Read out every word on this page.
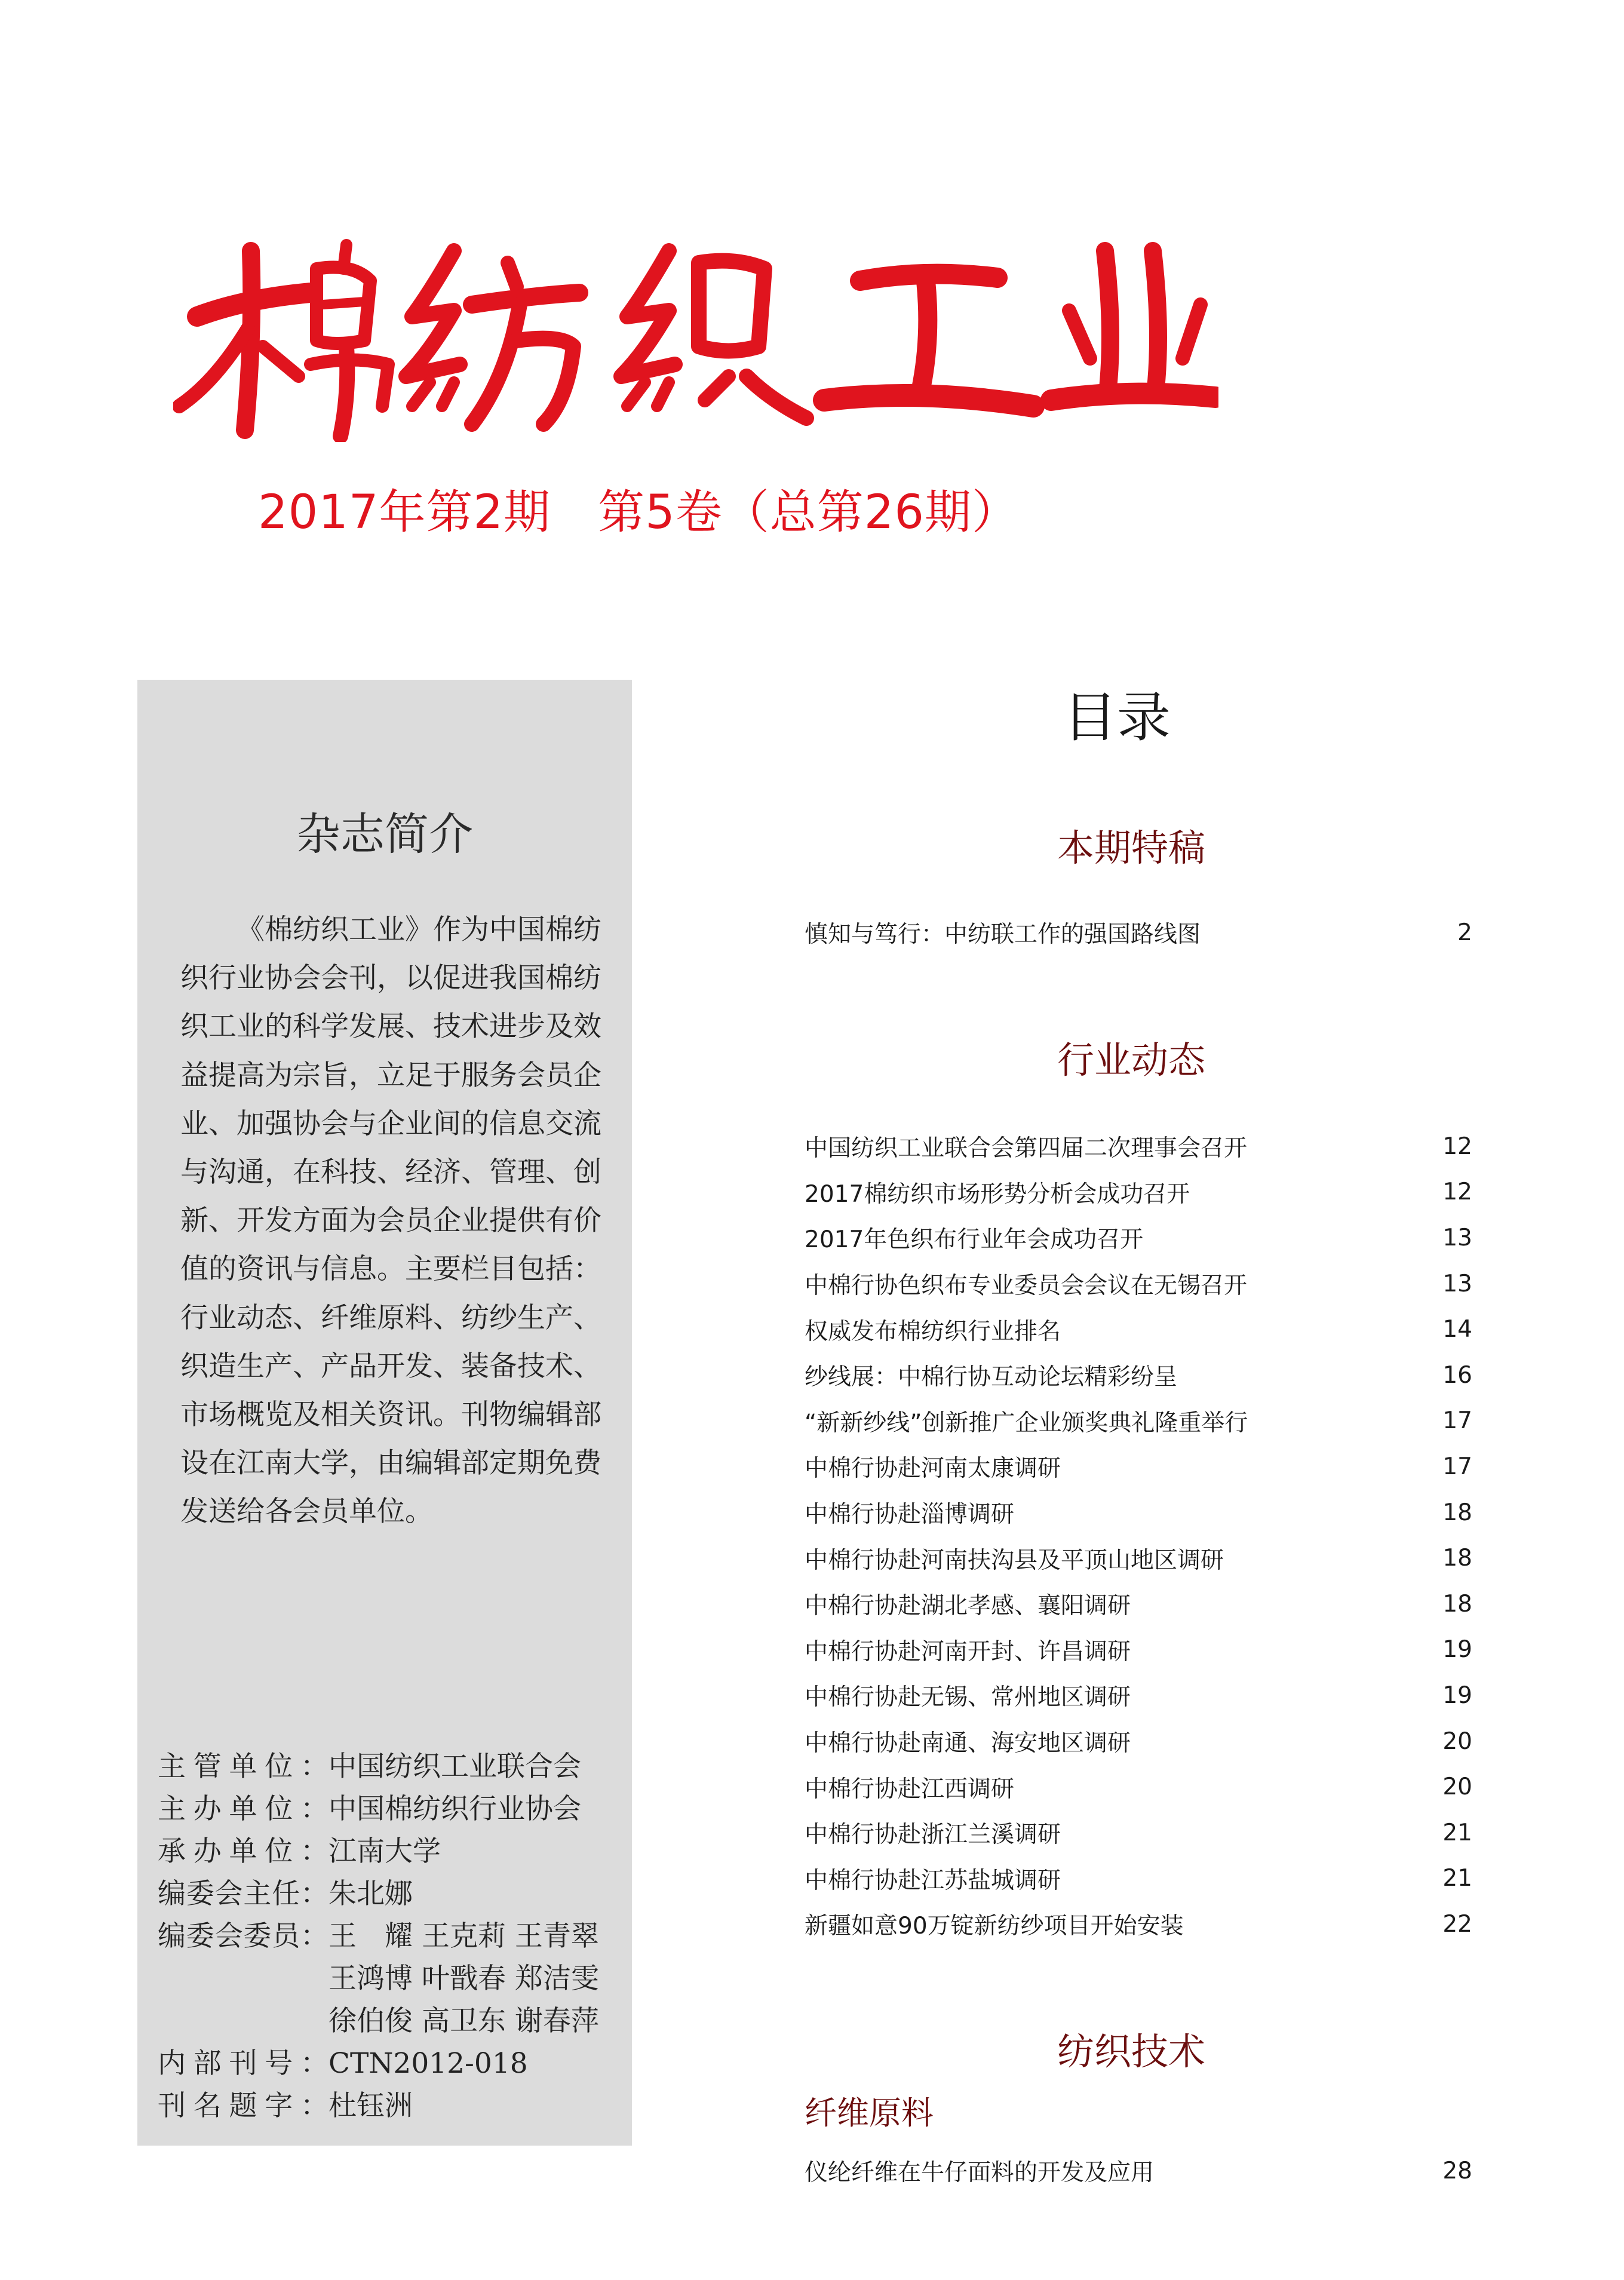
2017年第2期　第5卷（总第26期）
杂志简介
《棉纺织工业》作为中国棉纺
织行业协会会刊，以促进我国棉纺
织工业的科学发展、技术进步及效
益提高为宗旨，立足于服务会员企
业、加强协会与企业间的信息交流
与沟通，在科技、经济、管理、创
新、开发方面为会员企业提供有价
值的资讯与信息。主要栏目包括：
行业动态、纤维原料、纺纱生产、
织造生产、产品开发、装备技术、
市场概览及相关资讯。刊物编辑部
设在江南大学，由编辑部定期免费
发送给各会员单位。
主管单位： 中国纺织工业联合会
主办单位： 中国棉纺织行业协会
承办单位： 江南大学
编委会主任： 朱北娜
编委会委员： 王　耀 王克莉 王青翠
王鸿博 叶戬春 郑洁雯
徐伯俊 高卫东 谢春萍
内部刊号： CTN2012-018
刊名题字： 杜钰洲
目录
本期特稿
慎知与笃行：中纺联工作的强国路线图	2
行业动态
中国纺织工业联合会第四届二次理事会召开	12
2017棉纺织市场形势分析会成功召开	12
2017年色织布行业年会成功召开	13
中棉行协色织布专业委员会会议在无锡召开	13
权威发布棉纺织行业排名	14
纱线展：中棉行协互动论坛精彩纷呈	16
“新新纱线”创新推广企业颁奖典礼隆重举行	17
中棉行协赴河南太康调研	17
中棉行协赴淄博调研	18
中棉行协赴河南扶沟县及平顶山地区调研	18
中棉行协赴湖北孝感、襄阳调研	18
中棉行协赴河南开封、许昌调研	19
中棉行协赴无锡、常州地区调研	19
中棉行协赴南通、海安地区调研	20
中棉行协赴江西调研	20
中棉行协赴浙江兰溪调研	21
中棉行协赴江苏盐城调研	21
新疆如意90万锭新纺纱项目开始安装	22
纺织技术
纤维原料
仪纶纤维在牛仔面料的开发及应用	28
